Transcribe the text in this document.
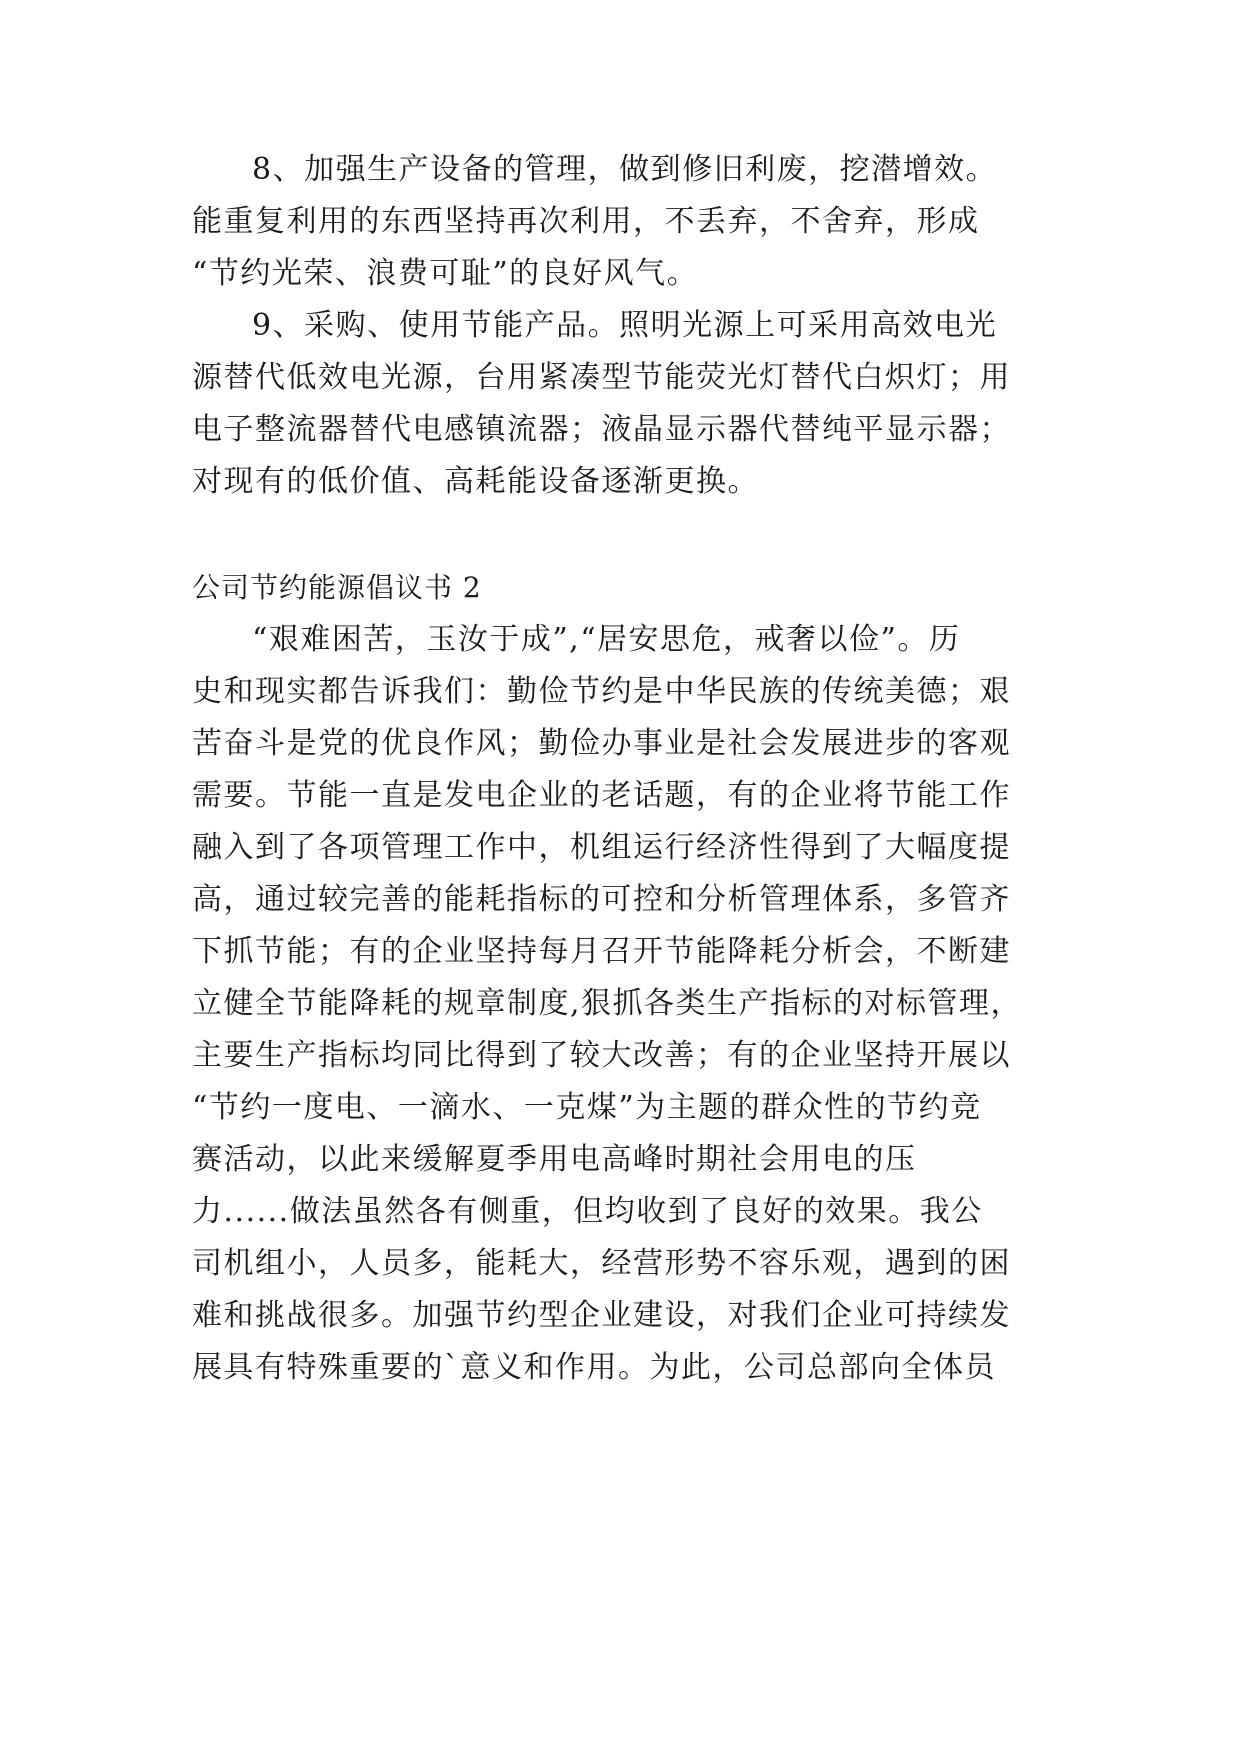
8、加强生产设备的管理，做到修旧利废，挖潜增效。
能重复利用的东西坚持再次利用，不丢弃，不舍弃，形成
“节约光荣、浪费可耻”的良好风气。
9、采购、使用节能产品。照明光源上可采用高效电光
源替代低效电光源，台用紧凑型节能荧光灯替代白炽灯；用
电子整流器替代电感镇流器；液晶显示器代替纯平显示器；
对现有的低价值、高耗能设备逐渐更换。
公司节约能源倡议书 2
“艰难困苦，玉汝于成”,“居安思危，戒奢以俭”。历
史和现实都告诉我们：勤俭节约是中华民族的传统美德；艰
苦奋斗是党的优良作风；勤俭办事业是社会发展进步的客观
需要。节能一直是发电企业的老话题，有的企业将节能工作
融入到了各项管理工作中，机组运行经济性得到了大幅度提
高，通过较完善的能耗指标的可控和分析管理体系，多管齐
下抓节能；有的企业坚持每月召开节能降耗分析会，不断建
立健全节能降耗的规章制度,狠抓各类生产指标的对标管理，
主要生产指标均同比得到了较大改善；有的企业坚持开展以
“节约一度电、一滴水、一克煤”为主题的群众性的节约竞
赛活动，以此来缓解夏季用电高峰时期社会用电的压
力......做法虽然各有侧重，但均收到了良好的效果。我公
司机组小，人员多，能耗大，经营形势不容乐观，遇到的困
难和挑战很多。加强节约型企业建设，对我们企业可持续发
展具有特殊重要的`意义和作用。为此，公司总部向全体员
